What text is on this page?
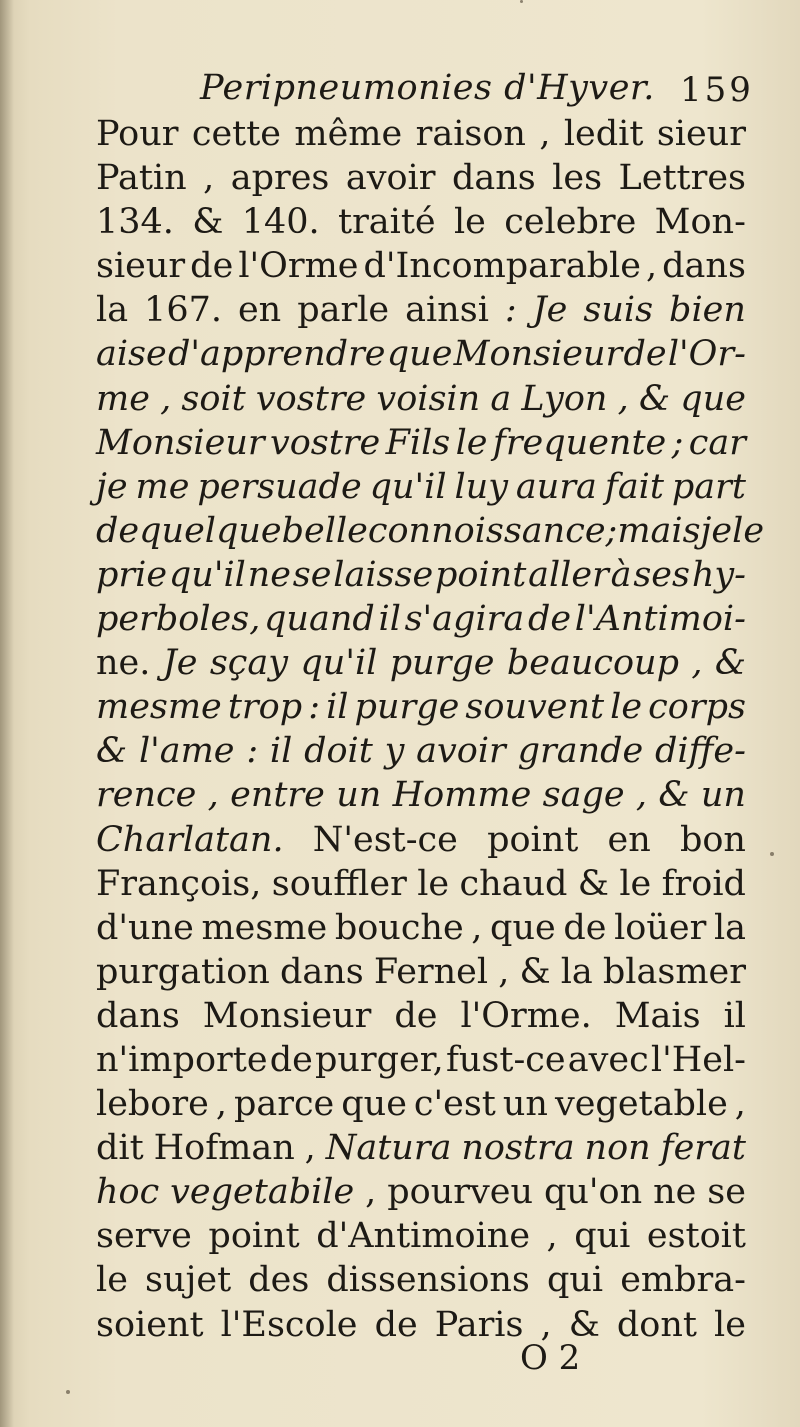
Peripneumonies d'Hyver. 159
Pour cette même raison , ledit sieur
Patin , apres avoir dans les Lettres
134. & 140. traité le celebre Mon-
sieur de l'Orme d'Incomparable , dans
la 167. en parle ainsi : Je suis bien
aise d'apprendre que Monsieur de l'Or-
me , soit vostre voisin a Lyon , & que
Monsieur vostre Fils le frequente ; car
je me persuade qu'il luy aura fait part
de quelque belle connoissance ; mais je le
prie qu'il ne se laisse point aller à ses hy-
perboles, quand il s'agira de l'Antimoi-
ne. Je sçay qu'il purge beaucoup , &
mesme trop : il purge souvent le corps
& l'ame : il doit y avoir grande diffe-
rence , entre un Homme sage , & un
Charlatan. N'est-ce point en bon
François, souffler le chaud & le froid
d'une mesme bouche , que de loüer la
purgation dans Fernel , & la blasmer
dans Monsieur de l'Orme. Mais il
n'importe de purger, fust-ce avec l'Hel-
lebore , parce que c'est un vegetable ,
dit Hofman , Natura nostra non ferat
hoc vegetabile , pourveu qu'on ne se
serve point d'Antimoine , qui estoit
le sujet des dissensions qui embra-
soient l'Escole de Paris , & dont le
O 2
